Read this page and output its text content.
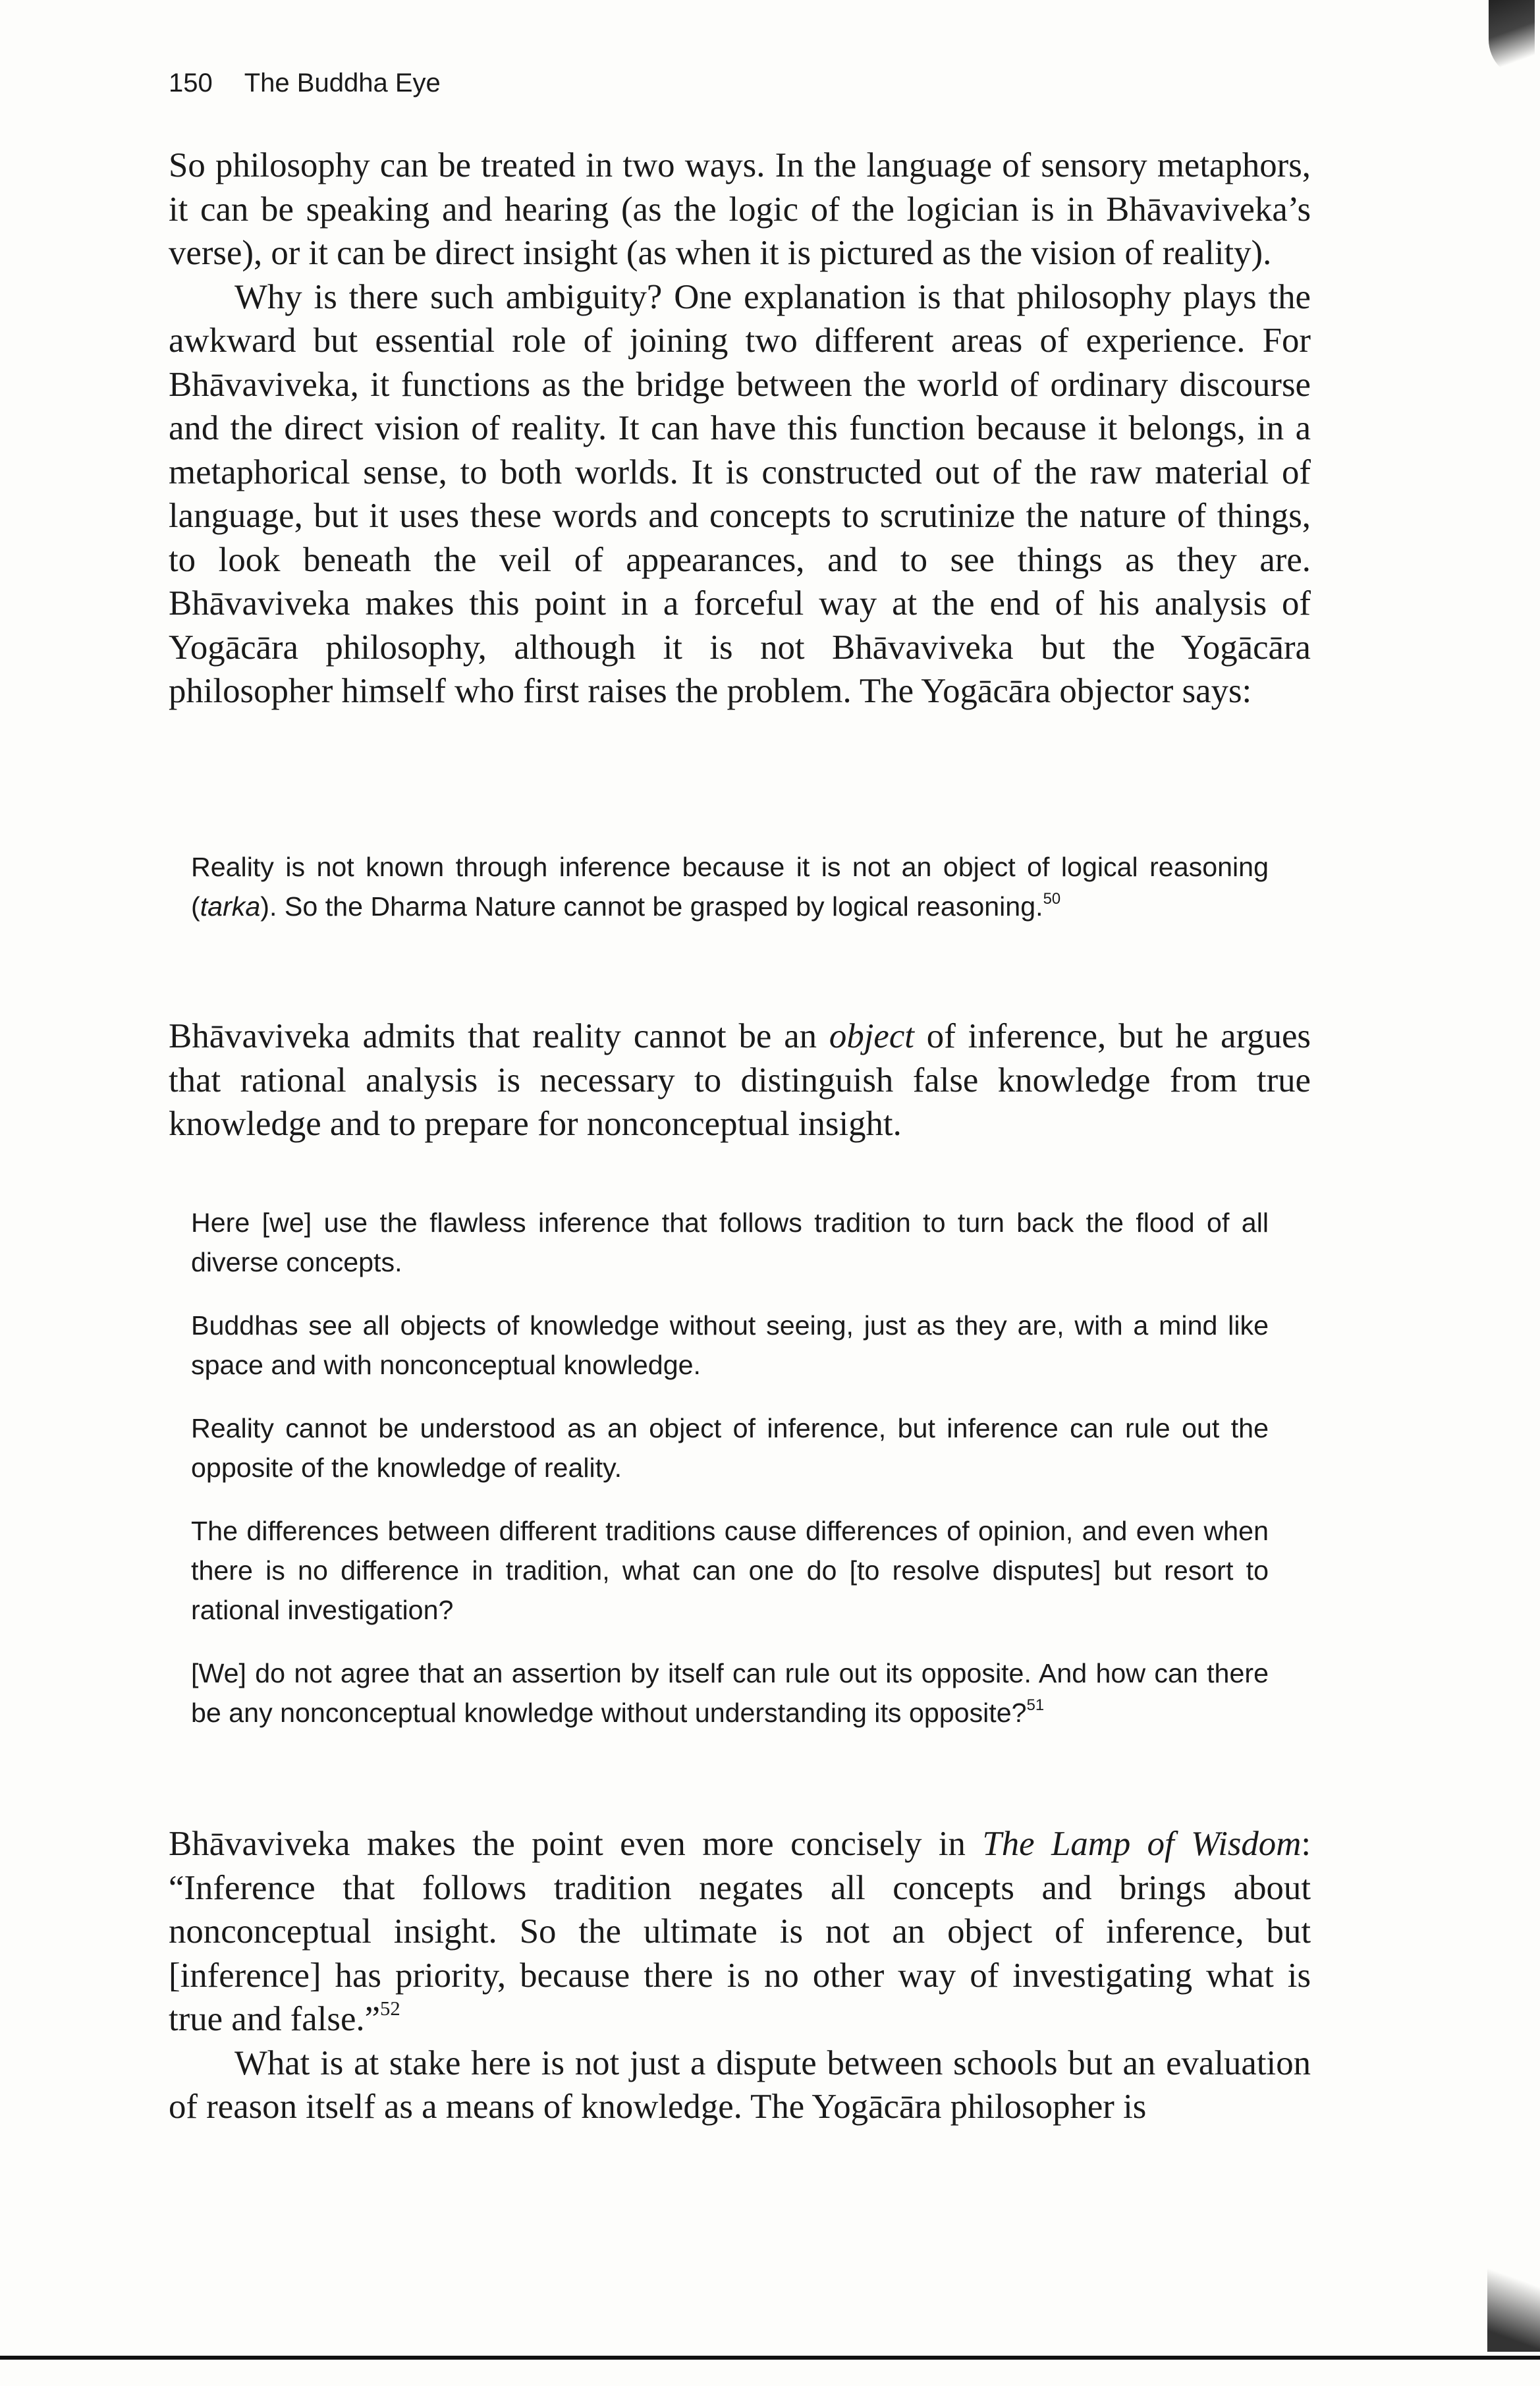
150 The Buddha Eye

So philosophy can be treated in two ways. In the language of sensory metaphors, it can be speaking and hearing (as the logic of the logician is in Bhāvaviveka’s verse), or it can be direct insight (as when it is pictured as the vision of reality).

Why is there such ambiguity? One explanation is that philosophy plays the awkward but essential role of joining two different areas of experience. For Bhāvaviveka, it functions as the bridge between the world of ordinary discourse and the direct vision of reality. It can have this function because it belongs, in a metaphorical sense, to both worlds. It is constructed out of the raw material of language, but it uses these words and concepts to scrutinize the nature of things, to look beneath the veil of appearances, and to see things as they are. Bhāvaviveka makes this point in a forceful way at the end of his analysis of Yogācāra philosophy, although it is not Bhāvaviveka but the Yogācāra philosopher himself who first raises the problem. The Yogācāra objector says:

Reality is not known through inference because it is not an object of logical reasoning (tarka). So the Dharma Nature cannot be grasped by logical reasoning.$^{50}$

Bhāvaviveka admits that reality cannot be an object of inference, but he argues that rational analysis is necessary to distinguish false knowledge from true knowledge and to prepare for nonconceptual insight.

Here [we] use the flawless inference that follows tradition to turn back the flood of all diverse concepts.

Buddhas see all objects of knowledge without seeing, just as they are, with a mind like space and with nonconceptual knowledge.

Reality cannot be understood as an object of inference, but inference can rule out the opposite of the knowledge of reality.

The differences between different traditions cause differences of opinion, and even when there is no difference in tradition, what can one do [to resolve disputes] but resort to rational investigation?

[We] do not agree that an assertion by itself can rule out its opposite. And how can there be any nonconceptual knowledge without understanding its opposite?$^{51}$

Bhāvaviveka makes the point even more concisely in The Lamp of Wisdom: “Inference that follows tradition negates all concepts and brings about nonconceptual insight. So the ultimate is not an object of inference, but [inference] has priority, because there is no other way of investigating what is true and false.”$^{52}$

What is at stake here is not just a dispute between schools but an evaluation of reason itself as a means of knowledge. The Yogācāra philosopher is
